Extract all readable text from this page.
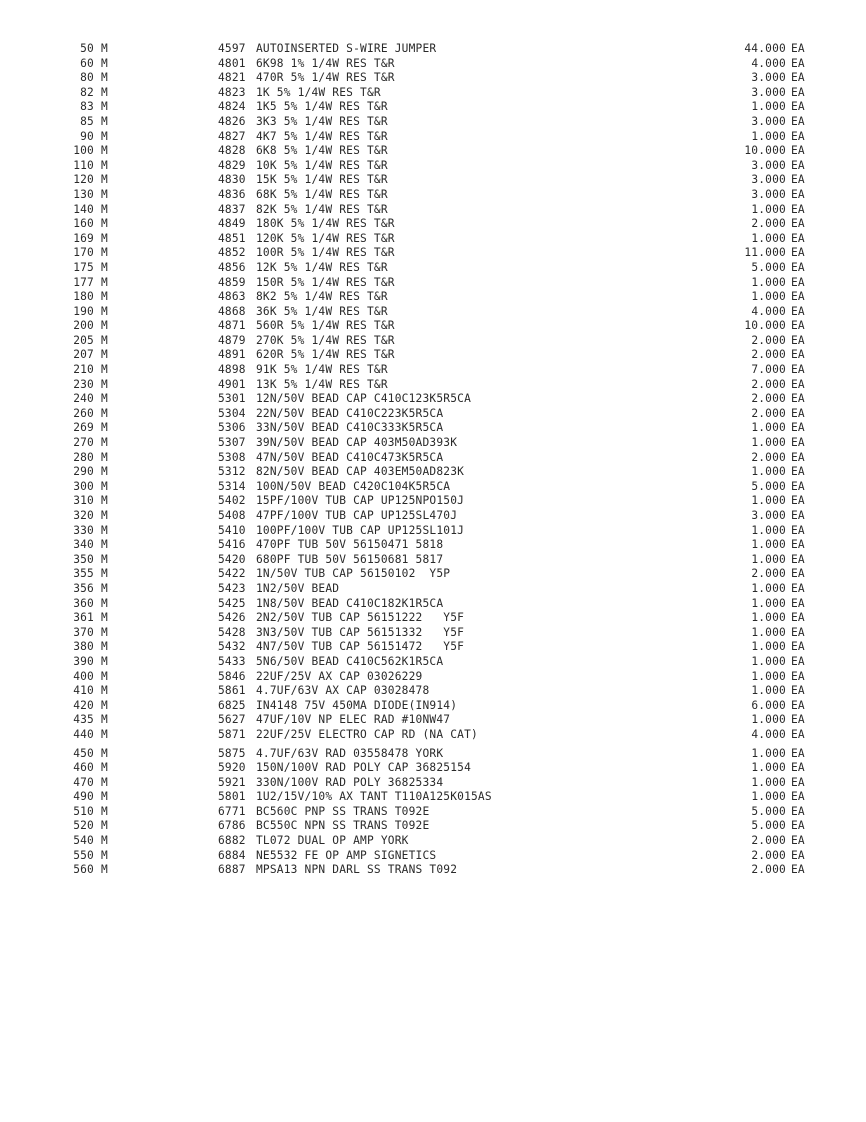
50 M	4597 AUTOINSERTED S-WIRE JUMPER	44.000 EA
60 M	4801 6K98 1% 1/4W RES T&R	4.000 EA
80 M	4821 470R 5% 1/4W RES T&R	3.000 EA
82 M	4823 1K 5% 1/4W RES T&R	3.000 EA
83 M	4824 1K5 5% 1/4W RES T&R	1.000 EA
85 M	4826 3K3 5% 1/4W RES T&R	3.000 EA
90 M	4827 4K7 5% 1/4W RES T&R	1.000 EA
100 M	4828 6K8 5% 1/4W RES T&R	10.000 EA
110 M	4829 10K 5% 1/4W RES T&R	3.000 EA
120 M	4830 15K 5% 1/4W RES T&R	3.000 EA
130 M	4836 68K 5% 1/4W RES T&R	3.000 EA
140 M	4837 82K 5% 1/4W RES T&R	1.000 EA
160 M	4849 180K 5% 1/4W RES T&R	2.000 EA
169 M	4851 120K 5% 1/4W RES T&R	1.000 EA
170 M	4852 100R 5% 1/4W RES T&R	11.000 EA
175 M	4856 12K 5% 1/4W RES T&R	5.000 EA
177 M	4859 150R 5% 1/4W RES T&R	1.000 EA
180 M	4863 8K2 5% 1/4W RES T&R	1.000 EA
190 M	4868 36K 5% 1/4W RES T&R	4.000 EA
200 M	4871 560R 5% 1/4W RES T&R	10.000 EA
205 M	4879 270K 5% 1/4W RES T&R	2.000 EA
207 M	4891 620R 5% 1/4W RES T&R	2.000 EA
210 M	4898 91K 5% 1/4W RES T&R	7.000 EA
230 M	4901 13K 5% 1/4W RES T&R	2.000 EA
240 M	5301 12N/50V BEAD CAP C410C123K5R5CA	2.000 EA
260 M	5304 22N/50V BEAD C410C223K5R5CA	2.000 EA
269 M	5306 33N/50V BEAD C410C333K5R5CA	1.000 EA
270 M	5307 39N/50V BEAD CAP 403M50AD393K	1.000 EA
280 M	5308 47N/50V BEAD C410C473K5R5CA	2.000 EA
290 M	5312 82N/50V BEAD CAP 403EM50AD823K	1.000 EA
300 M	5314 100N/50V BEAD C420C104K5R5CA	5.000 EA
310 M	5402 15PF/100V TUB CAP UP125NPO150J	1.000 EA
320 M	5408 47PF/100V TUB CAP UP125SL470J	3.000 EA
330 M	5410 100PF/100V TUB CAP UP125SL101J	1.000 EA
340 M	5416 470PF TUB 50V 56150471 5818	1.000 EA
350 M	5420 680PF TUB 50V 56150681 5817	1.000 EA
355 M	5422 1N/50V TUB CAP 56150102  Y5P	2.000 EA
356 M	5423 1N2/50V BEAD	1.000 EA
360 M	5425 1N8/50V BEAD C410C182K1R5CA	1.000 EA
361 M	5426 2N2/50V TUB CAP 56151222   Y5F	1.000 EA
370 M	5428 3N3/50V TUB CAP 56151332   Y5F	1.000 EA
380 M	5432 4N7/50V TUB CAP 56151472   Y5F	1.000 EA
390 M	5433 5N6/50V BEAD C410C562K1R5CA	1.000 EA
400 M	5846 22UF/25V AX CAP 03026229	1.000 EA
410 M	5861 4.7UF/63V AX CAP 03028478	1.000 EA
420 M	6825 IN4148 75V 450MA DIODE(IN914)	6.000 EA
435 M	5627 47UF/10V NP ELEC RAD #10NW47	1.000 EA
440 M	5871 22UF/25V ELECTRO CAP RD (NA CAT)	4.000 EA
450 M	5875 4.7UF/63V RAD 03558478 YORK	1.000 EA
460 M	5920 150N/100V RAD POLY CAP 36825154	1.000 EA
470 M	5921 330N/100V RAD POLY 36825334	1.000 EA
490 M	5801 1U2/15V/10% AX TANT T110A125K015AS	1.000 EA
510 M	6771 BC560C PNP SS TRANS T092E	5.000 EA
520 M	6786 BC550C NPN SS TRANS T092E	5.000 EA
540 M	6882 TL072 DUAL OP AMP YORK	2.000 EA
550 M	6884 NE5532 FE OP AMP SIGNETICS	2.000 EA
560 M	6887 MPSA13 NPN DARL SS TRANS T092	2.000 EA
